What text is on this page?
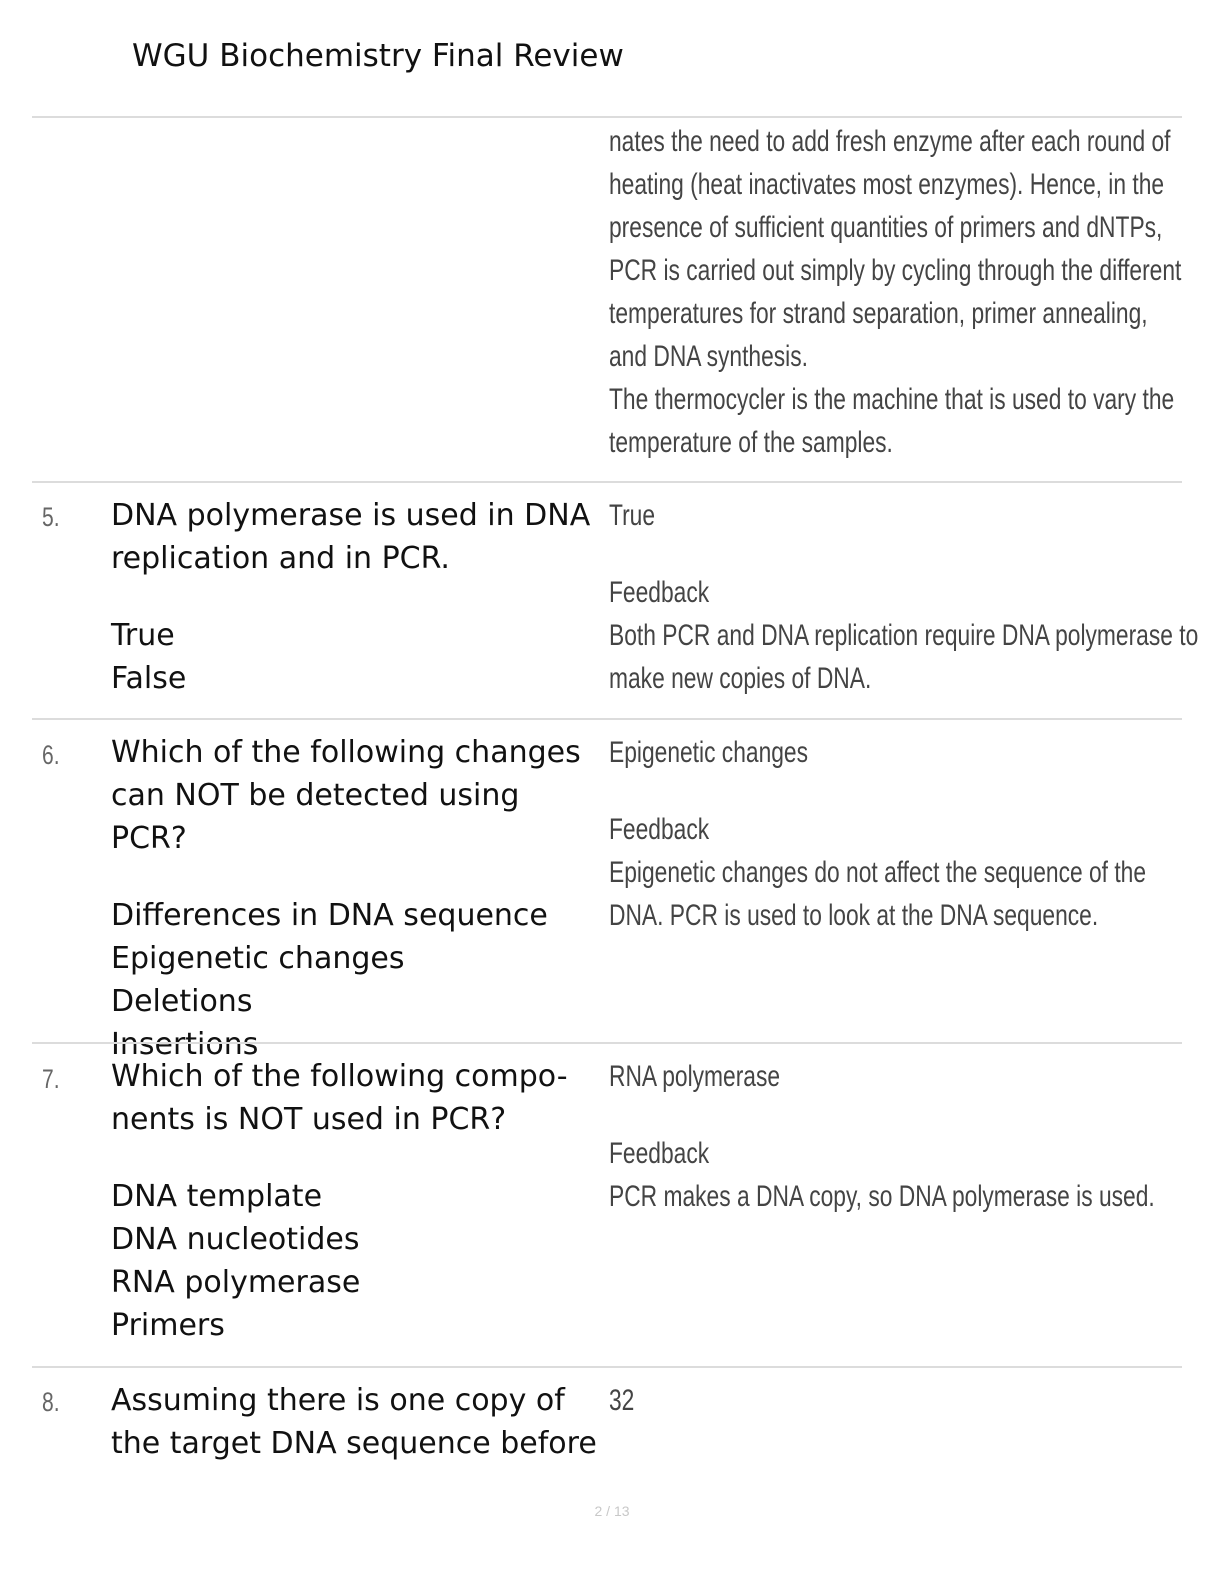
WGU Biochemistry Final Review
nates the need to add fresh enzyme after each round of
heating (heat inactivates most enzymes). Hence, in the
presence of sufficient quantities of primers and dNTPs,
PCR is carried out simply by cycling through the different
temperatures for strand separation, primer annealing,
and DNA synthesis.
The thermocycler is the machine that is used to vary the
temperature of the samples.
5. DNA polymerase is used in DNA
replication and in PCR.
True
False
True
Feedback
Both PCR and DNA replication require DNA polymerase to
make new copies of DNA.
6. Which of the following changes
can NOT be detected using PCR?
Differences in DNA sequence
Epigenetic changes
Deletions
Insertions
Epigenetic changes
Feedback
Epigenetic changes do not affect the sequence of the
DNA. PCR is used to look at the DNA sequence.
7. Which of the following compo-
nents is NOT used in PCR?
DNA template
DNA nucleotides
RNA polymerase
Primers
RNA polymerase
Feedback
PCR makes a DNA copy, so DNA polymerase is used.
8. Assuming there is one copy of
the target DNA sequence before
32
2 / 13
